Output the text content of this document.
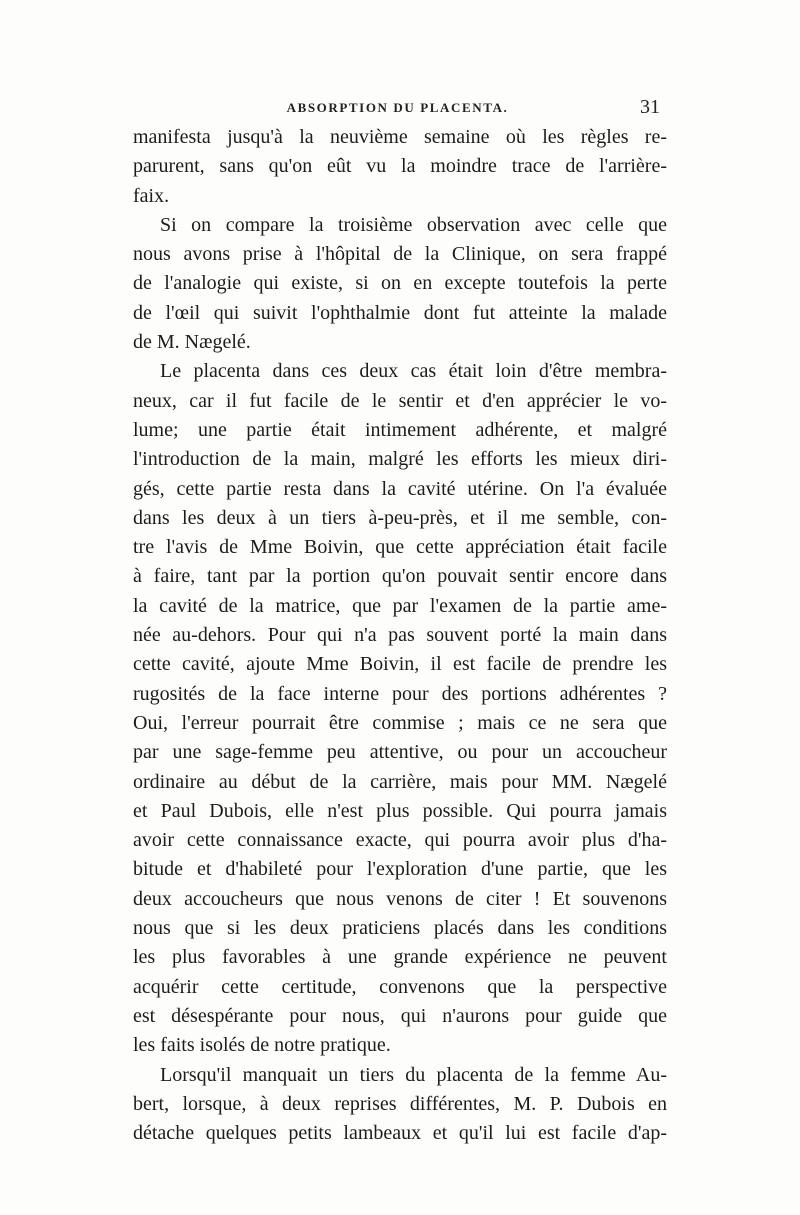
ABSORPTION DU PLACENTA.	31
manifesta jusqu'à la neuvième semaine où les règles re-
parurent, sans qu'on eût vu la moindre trace de l'arrière-
faix.
Si on compare la troisième observation avec celle que
nous avons prise à l'hôpital de la Clinique, on sera frappé
de l'analogie qui existe, si on en excepte toutefois la perte
de l'œil qui suivit l'ophthalmie dont fut atteinte la malade
de M. Nægelé.
Le placenta dans ces deux cas était loin d'être membra-
neux, car il fut facile de le sentir et d'en apprécier le vo-
lume; une partie était intimement adhérente, et malgré
l'introduction de la main, malgré les efforts les mieux diri-
gés, cette partie resta dans la cavité utérine. On l'a évaluée
dans les deux à un tiers à-peu-près, et il me semble, con-
tre l'avis de Mme Boivin, que cette appréciation était facile
à faire, tant par la portion qu'on pouvait sentir encore dans
la cavité de la matrice, que par l'examen de la partie ame-
née au-dehors. Pour qui n'a pas souvent porté la main dans
cette cavité, ajoute Mme Boivin, il est facile de prendre les
rugosités de la face interne pour des portions adhérentes ?
Oui, l'erreur pourrait être commise ; mais ce ne sera que
par une sage-femme peu attentive, ou pour un accoucheur
ordinaire au début de la carrière, mais pour MM. Nægelé
et Paul Dubois, elle n'est plus possible. Qui pourra jamais
avoir cette connaissance exacte, qui pourra avoir plus d'ha-
bitude et d'habileté pour l'exploration d'une partie, que les
deux accoucheurs que nous venons de citer ! Et souvenons
nous que si les deux praticiens placés dans les conditions
les plus favorables à une grande expérience ne peuvent
acquérir cette certitude, convenons que la perspective
est désespérante pour nous, qui n'aurons pour guide que
les faits isolés de notre pratique.
Lorsqu'il manquait un tiers du placenta de la femme Au-
bert, lorsque, à deux reprises différentes, M. P. Dubois en
détache quelques petits lambeaux et qu'il lui est facile d'ap-
